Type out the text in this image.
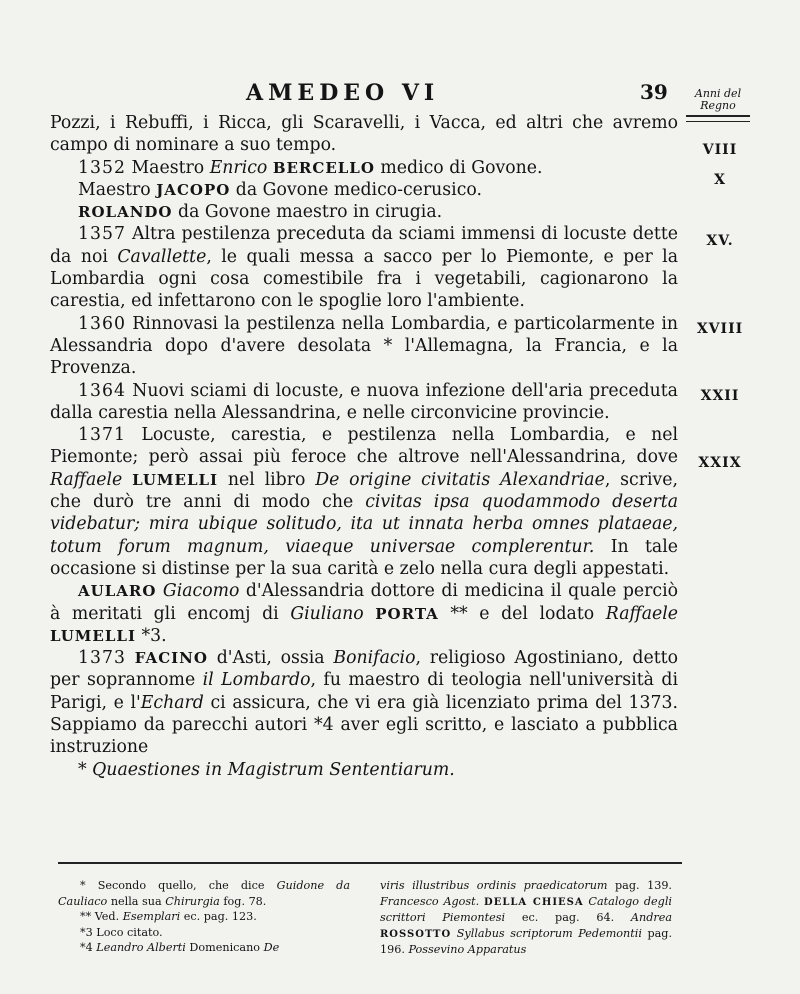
AMEDEO VI	39	Anni del Regno

Pozzi, i Rebuffi, i Ricca, gli Scaravelli, i Vacca, ed altri che avremo campo di nominare a suo tempo.

1352 Maestro Enrico BERCELLO medico di Govone.

Maestro JACOPO da Govone medico-cerusico.

ROLANDO da Govone maestro in cirugia.

1357 Altra pestilenza preceduta da sciami immensi di locuste dette da noi Cavallette, le quali messa a sacco per lo Piemonte, e per la Lombardia ogni cosa comestibile fra i vegetabili, cagionarono la carestia, ed infettarono con le spoglie loro l'ambiente.

1360 Rinnovasi la pestilenza nella Lombardia, e particolarmente in Alessandria dopo d'avere desolata * l'Allemagna, la Francia, e la Provenza.

1364 Nuovi sciami di locuste, e nuova infezione dell'aria preceduta dalla carestia nella Alessandrina, e nelle circonvicine provincie.

1371 Locuste, carestia, e pestilenza nella Lombardia, e nel Piemonte; però assai più feroce che altrove nell'Alessandrina, dove Raffaele LUMELLI nel libro De origine civitatis Alexandriae, scrive, che durò tre anni di modo che civitas ipsa quodammodo deserta videbatur; mira ubique solitudo, ita ut innata herba omnes plataeae, totum forum magnum, viaeque universae complerentur. In tale occasione si distinse per la sua carità e zelo nella cura degli appestati.

AULARO Giacomo d'Alessandria dottore di medicina il quale perciò à meritati gli encomj di Giuliano PORTA ** e del lodato Raffaele LUMELLI *3.

1373 FACINO d'Asti, ossia Bonifacio, religioso Agostiniano, detto per soprannome il Lombardo, fu maestro di teologia nell'università di Parigi, e l'Echard ci assicura, che vi era già licenziato prima del 1373. Sappiamo da parecchi autori *4 aver egli scritto, e lasciato a pubblica instruzione

* Quaestiones in Magistrum Sententiarum.

VIII
X
XV.
XVIII
XXII
XXIX

* Secondo quello, che dice Guidone da Cauliaco nella sua Chirurgia fog. 78.

** Ved. Esemplari ec. pag. 123.

*3 Loco citato.

*4 Leandro Alberti Domenicano De

viris illustribus ordinis praedicatorum pag. 139. Francesco Agost. DELLA CHIESA Catalogo degli scrittori Piemontesi ec. pag. 64. Andrea ROSSOTTO Syllabus scriptorum Pedemontii pag. 196. Possevino Apparatus
